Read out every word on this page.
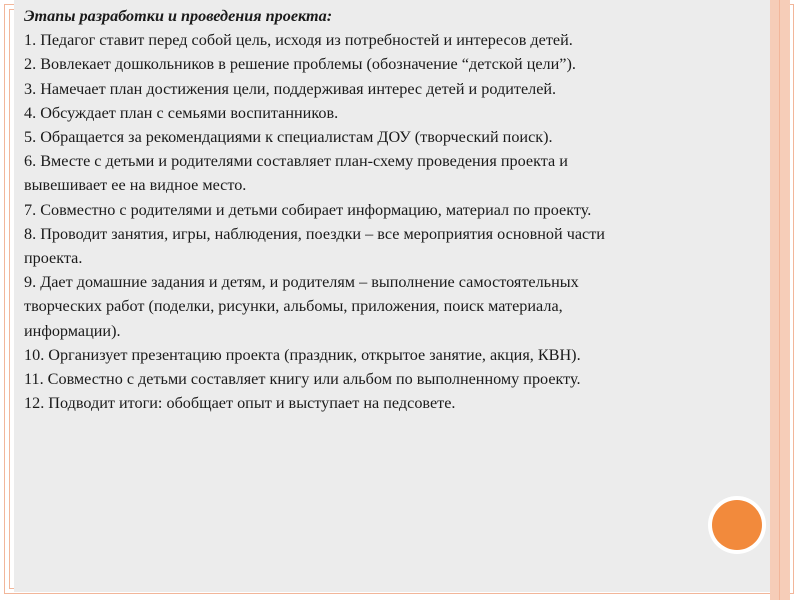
Этапы разработки и проведения проекта:
1. Педагог ставит перед собой цель, исходя из потребностей и интересов детей.
2. Вовлекает дошкольников в решение проблемы (обозначение “детской цели”).
3. Намечает план достижения цели, поддерживая интерес детей и родителей.
4. Обсуждает план с семьями воспитанников.
5. Обращается за рекомендациями к специалистам ДОУ (творческий поиск).
6. Вместе с детьми и родителями составляет план-схему проведения проекта и
вывешивает ее на видное место.
7. Совместно с родителями и детьми собирает информацию, материал по проекту.
8. Проводит занятия, игры, наблюдения, поездки – все мероприятия основной части
проекта.
9. Дает домашние задания и детям, и родителям – выполнение самостоятельных
творческих работ (поделки, рисунки, альбомы, приложения, поиск материала,
информации).
10. Организует презентацию проекта (праздник, открытое занятие, акция, КВН).
11. Совместно с детьми составляет книгу или альбом по выполненному проекту.
12. Подводит итоги: обобщает опыт и выступает на педсовете.
